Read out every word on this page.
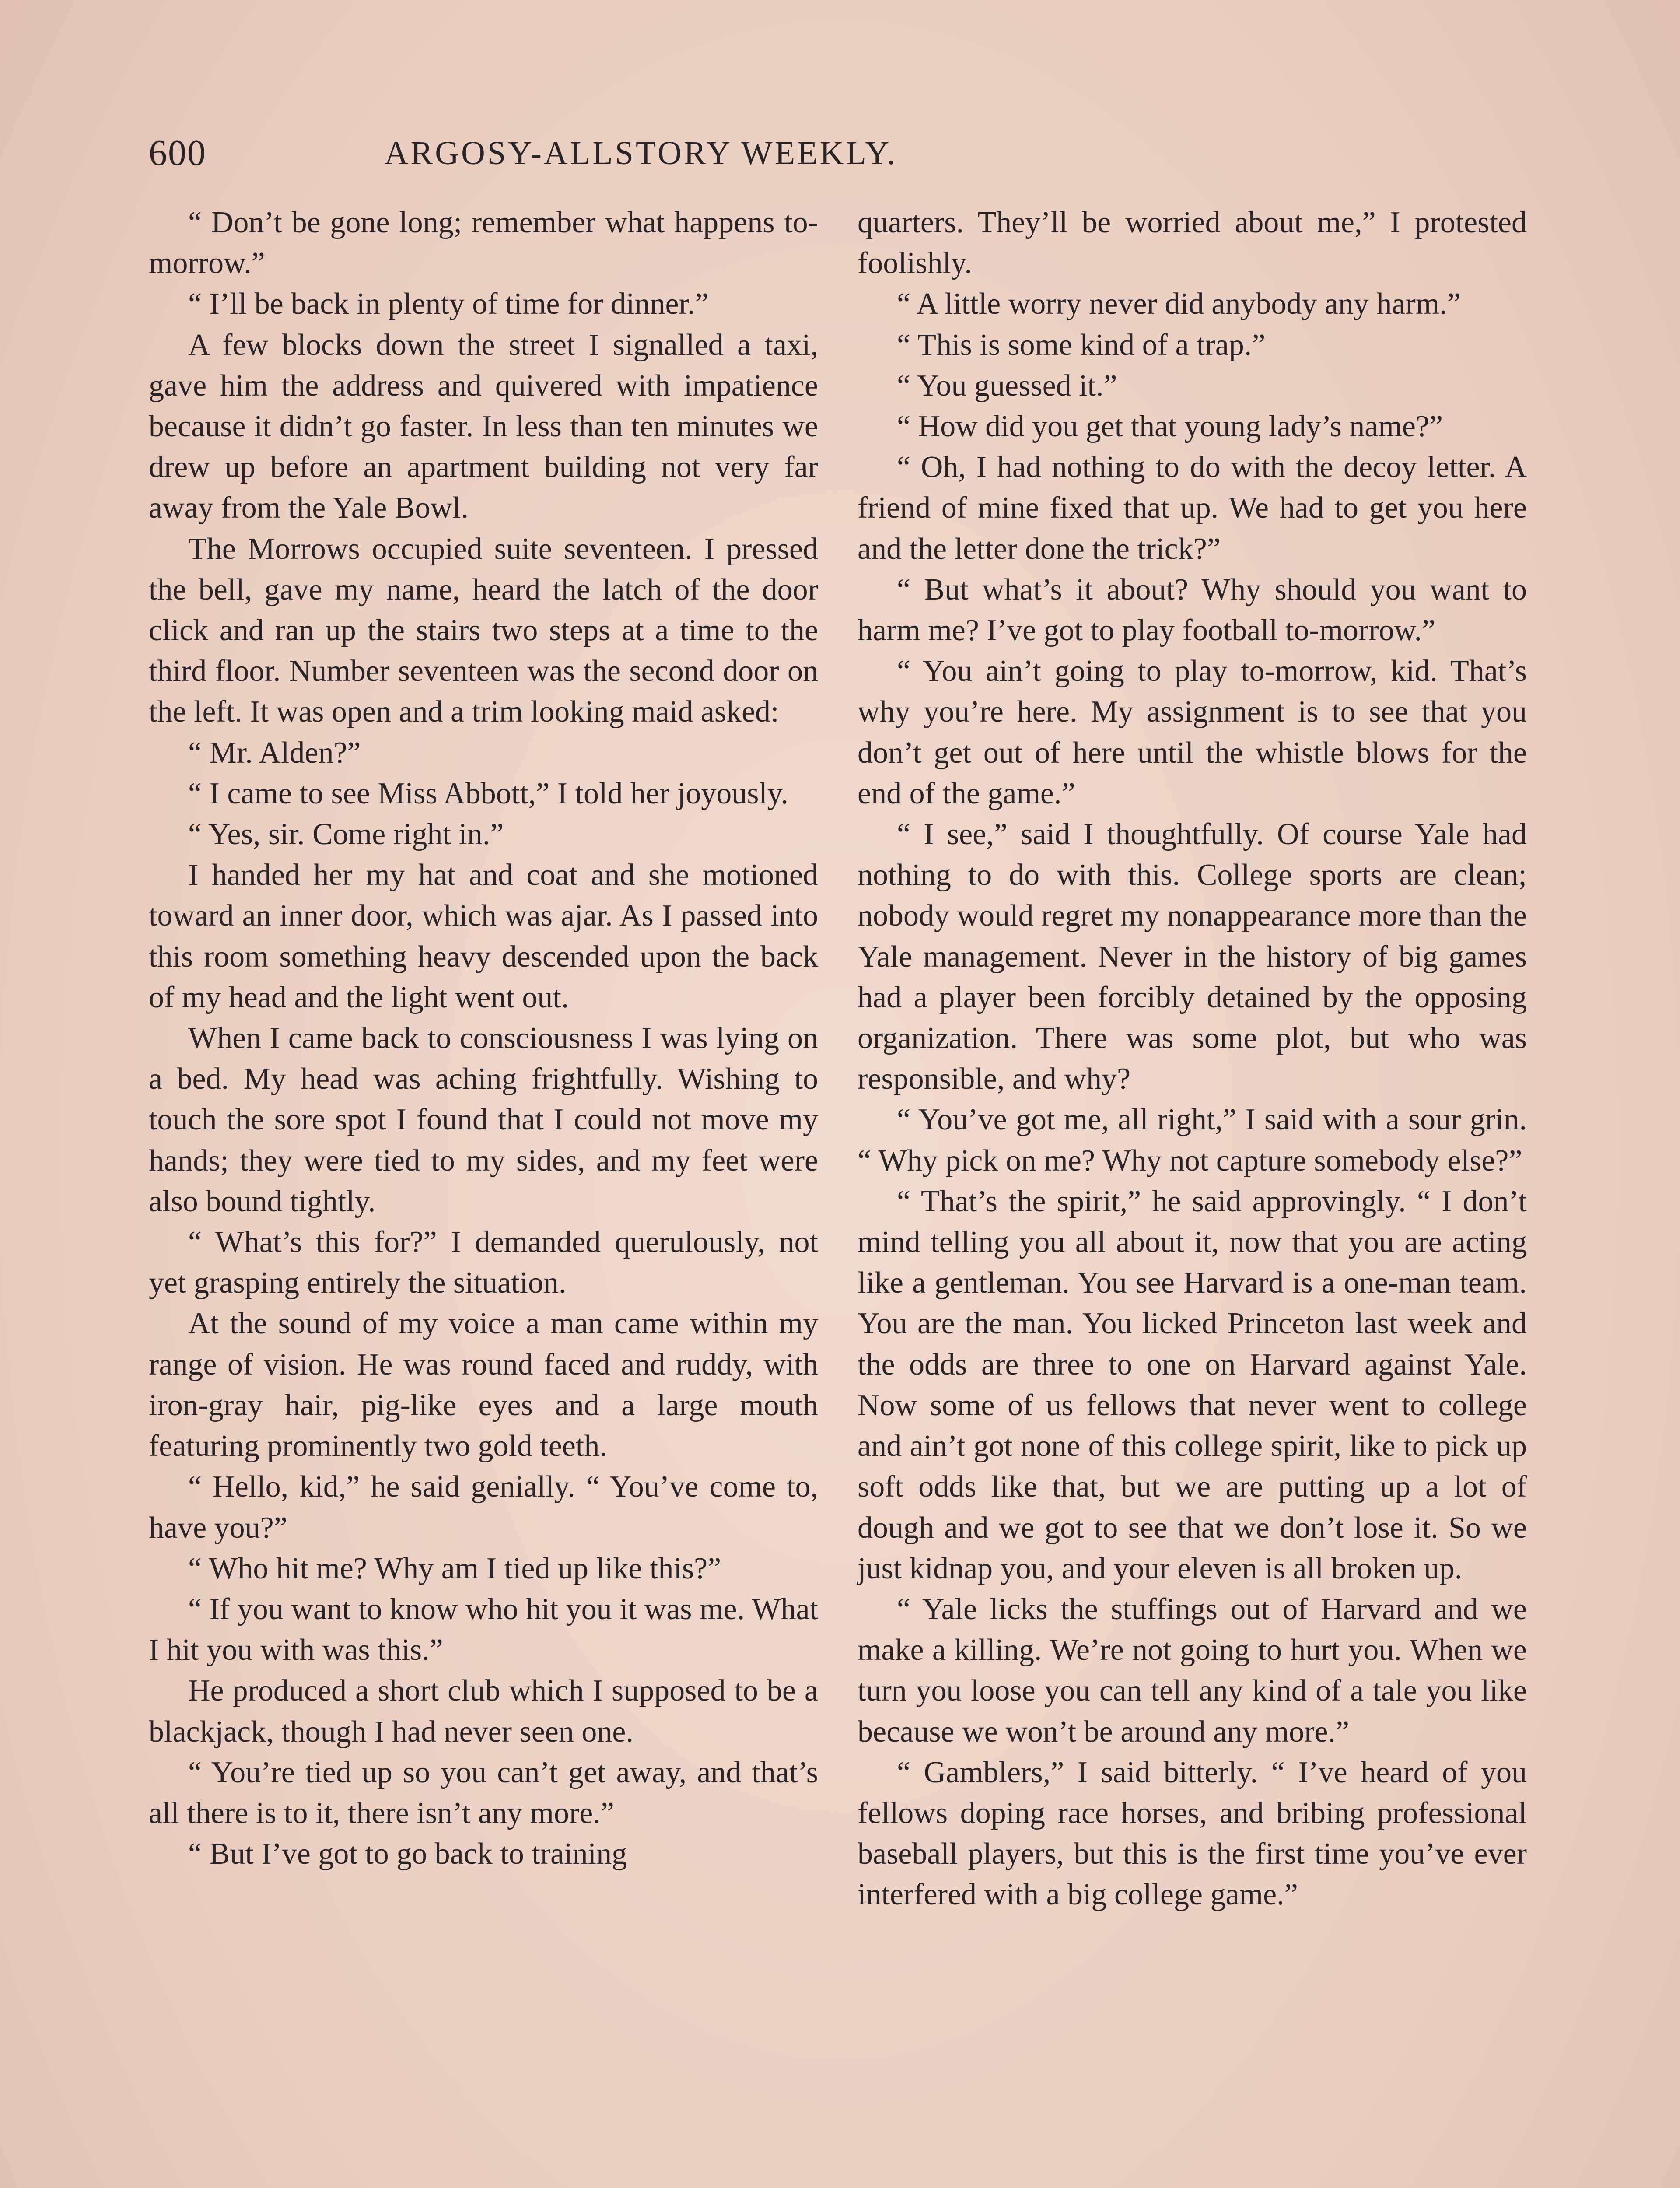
600	ARGOSY-ALLSTORY WEEKLY.

“ Don’t be gone long; remember what happens to-morrow.”

“ I’ll be back in plenty of time for dinner.”

A few blocks down the street I signalled a taxi, gave him the address and quivered with impatience because it didn’t go faster. In less than ten minutes we drew up before an apartment building not very far away from the Yale Bowl.

The Morrows occupied suite seventeen. I pressed the bell, gave my name, heard the latch of the door click and ran up the stairs two steps at a time to the third floor. Number seventeen was the second door on the left. It was open and a trim looking maid asked:

“ Mr. Alden?”

“ I came to see Miss Abbott,” I told her joyously.

“ Yes, sir. Come right in.”

I handed her my hat and coat and she motioned toward an inner door, which was ajar. As I passed into this room something heavy descended upon the back of my head and the light went out.

When I came back to consciousness I was lying on a bed. My head was aching frightfully. Wishing to touch the sore spot I found that I could not move my hands; they were tied to my sides, and my feet were also bound tightly.

“ What’s this for?” I demanded querulously, not yet grasping entirely the situation.

At the sound of my voice a man came within my range of vision. He was round faced and ruddy, with iron-gray hair, pig-like eyes and a large mouth featuring prominently two gold teeth.

“ Hello, kid,” he said genially. “ You’ve come to, have you?”

“ Who hit me? Why am I tied up like this?”

“ If you want to know who hit you it was me. What I hit you with was this.”

He produced a short club which I supposed to be a blackjack, though I had never seen one.

“ You’re tied up so you can’t get away, and that’s all there is to it, there isn’t any more.”

“ But I’ve got to go back to training

quarters. They’ll be worried about me,” I protested foolishly.

“ A little worry never did anybody any harm.”

“ This is some kind of a trap.”

“ You guessed it.”

“ How did you get that young lady’s name?”

“ Oh, I had nothing to do with the decoy letter. A friend of mine fixed that up. We had to get you here and the letter done the trick?”

“ But what’s it about? Why should you want to harm me? I’ve got to play football to-morrow.”

“ You ain’t going to play to-morrow, kid. That’s why you’re here. My assignment is to see that you don’t get out of here until the whistle blows for the end of the game.”

“ I see,” said I thoughtfully. Of course Yale had nothing to do with this. College sports are clean; nobody would regret my nonappearance more than the Yale management. Never in the history of big games had a player been forcibly detained by the opposing organization. There was some plot, but who was responsible, and why?

“ You’ve got me, all right,” I said with a sour grin. “ Why pick on me? Why not capture somebody else?”

“ That’s the spirit,” he said approvingly. “ I don’t mind telling you all about it, now that you are acting like a gentleman. You see Harvard is a one-man team. You are the man. You licked Princeton last week and the odds are three to one on Harvard against Yale. Now some of us fellows that never went to college and ain’t got none of this college spirit, like to pick up soft odds like that, but we are putting up a lot of dough and we got to see that we don’t lose it. So we just kidnap you, and your eleven is all broken up.

“ Yale licks the stuffings out of Harvard and we make a killing. We’re not going to hurt you. When we turn you loose you can tell any kind of a tale you like because we won’t be around any more.”

“ Gamblers,” I said bitterly. “ I’ve heard of you fellows doping race horses, and bribing professional baseball players, but this is the first time you’ve ever interfered with a big college game.”
